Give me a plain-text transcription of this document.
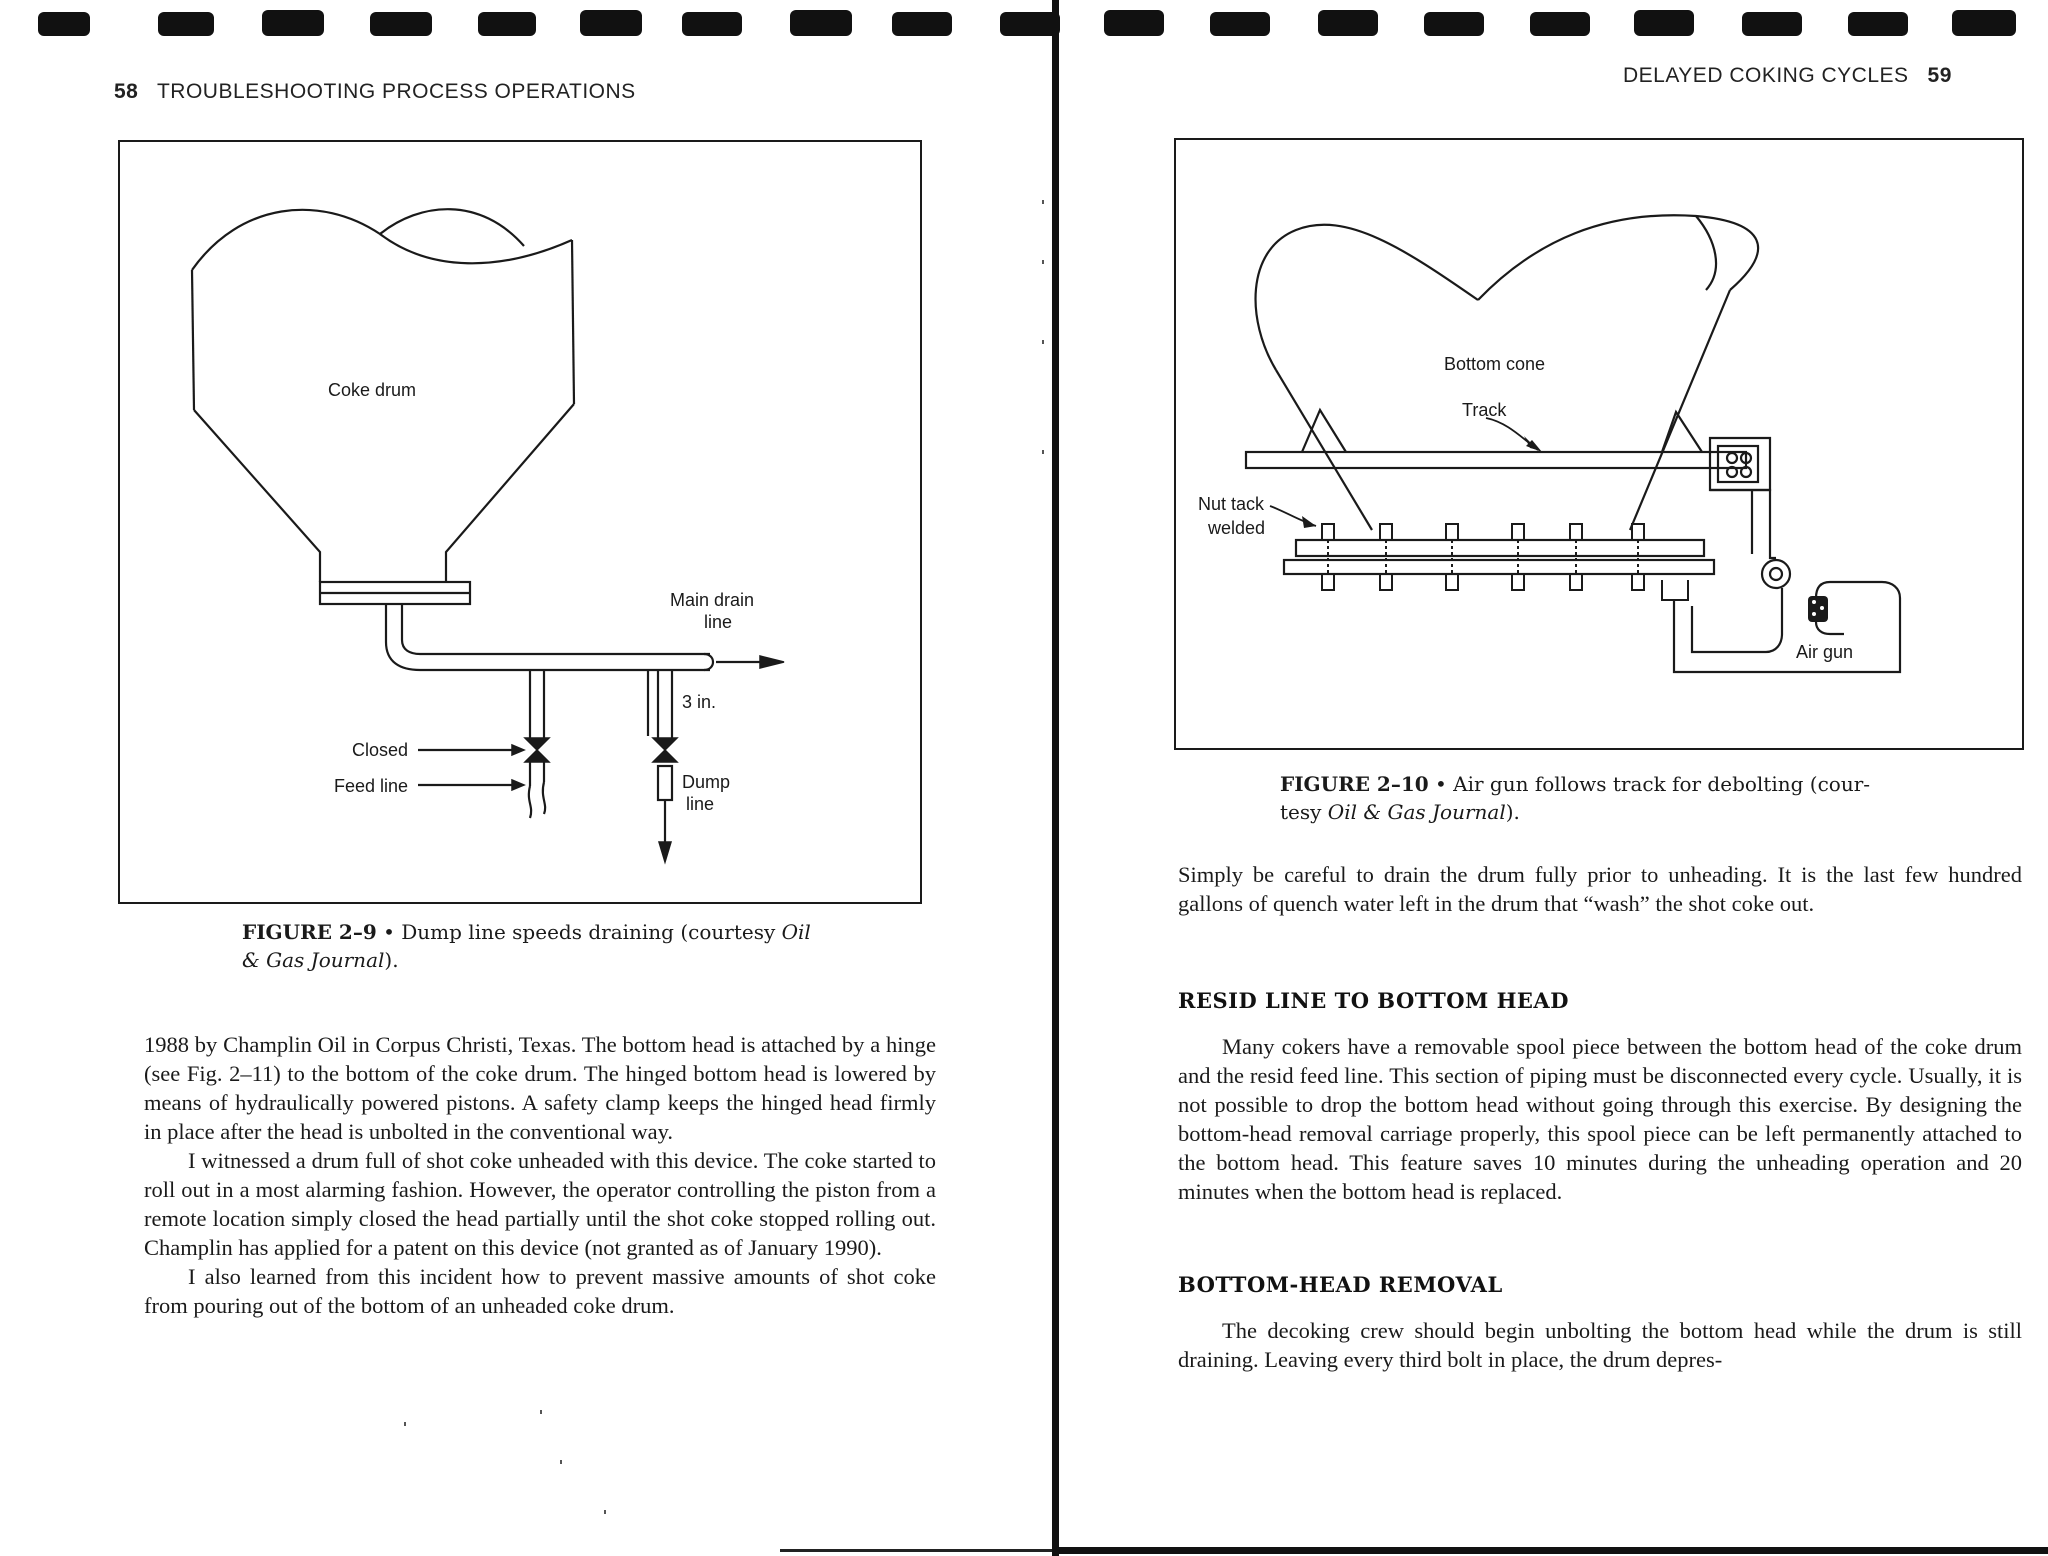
58 TROUBLESHOOTING PROCESS OPERATIONS
Coke drum
Main drain
line
3 in.
Closed
Feed line	Dump
line
FIGURE 2–9 • Dump line speeds draining (courtesy Oil
& Gas Journal).

1988 by Champlin Oil in Corpus Christi, Texas. The bottom head is attached by a hinge (see Fig. 2–11) to the bottom of the coke drum. The hinged bottom head is lowered by means of hydraulically powered pistons. A safety clamp keeps the hinged head firmly in place after the head is unbolted in the conventional way.

I witnessed a drum full of shot coke unheaded with this device. The coke started to roll out in a most alarming fashion. However, the operator controlling the piston from a remote location simply closed the head partially until the shot coke stopped rolling out. Champlin has applied for a patent on this device (not granted as of January 1990).

I also learned from this incident how to prevent massive amounts of shot coke from pouring out of the bottom of an unheaded coke drum.

DELAYED COKING CYCLES 59
Bottom cone
Track
Nut tack
welded
Air gun
FIGURE 2–10 • Air gun follows track for debolting (cour-
tesy Oil & Gas Journal).

Simply be careful to drain the drum fully prior to unheading. It is the last few hundred gallons of quench water left in the drum that “wash” the shot coke out.

RESID LINE TO BOTTOM HEAD

Many cokers have a removable spool piece between the bottom head of the coke drum and the resid feed line. This section of piping must be disconnected every cycle. Usually, it is not possible to drop the bottom head without going through this exercise. By designing the bottom-head removal carriage properly, this spool piece can be left permanently attached to the bottom head. This feature saves 10 minutes during the unheading operation and 20 minutes when the bottom head is replaced.

BOTTOM-HEAD REMOVAL

The decoking crew should begin unbolting the bottom head while the drum is still draining. Leaving every third bolt in place, the drum depres-
